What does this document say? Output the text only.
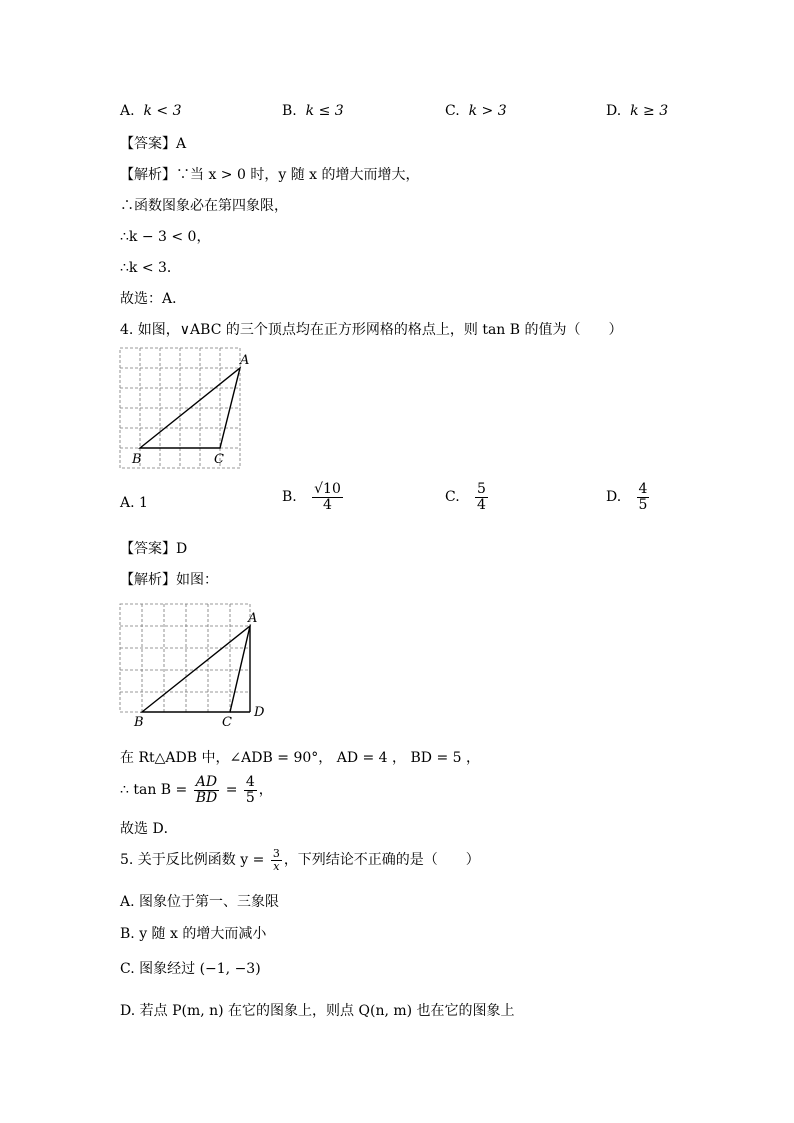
A. k < 3	B. k ≤ 3	C. k > 3	D. k ≥ 3
【答案】A
【解析】∵当 x > 0 时，y 随 x 的增大而增大，
∴函数图象必在第四象限，
∴k − 3 < 0，
∴k < 3．
故选：A．
4. 如图，∨ABC 的三个顶点均在正方形网格的格点上，则 tan B 的值为（　　）
A
B	C
A. 1	B. $\frac{√10}{4}$	C. $\frac{5}{4}$	D. $\frac{4}{5}$
【答案】D
【解析】如图：
A
B	C
D
在 Rt△ADB 中，∠ADB = 90°， AD = 4 ， BD = 5 ，
∴ $\tan B = \frac{AD}{BD} = \frac{4}{5}$ ，
故选 D．
5. 关于反比例函数 $y = \frac{3}{x}$ ，下列结论不正确的是（　　）
A. 图象位于第一、三象限
B. y 随 x 的增大而减小
C. 图象经过 (−1, −3)
D. 若点 P(m, n) 在它的图象上，则点 Q(n, m) 也在它的图象上
